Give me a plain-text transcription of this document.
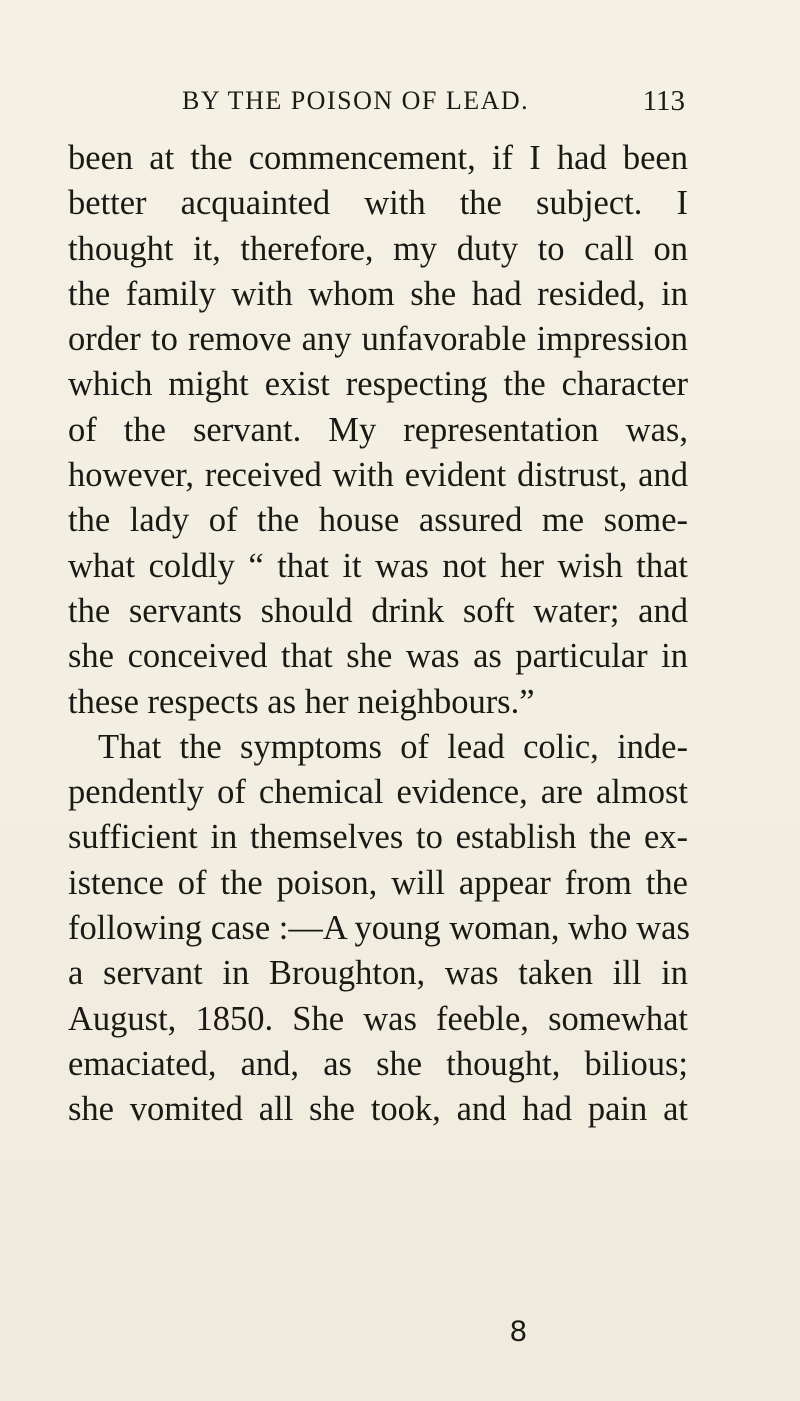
BY THE POISON OF LEAD.	113
been at the commencement, if I had been
better acquainted with the subject. I
thought it, therefore, my duty to call on
the family with whom she had resided, in
order to remove any unfavorable impression
which might exist respecting the character
of the servant. My representation was,
however, received with evident distrust, and
the lady of the house assured me some-
what coldly “ that it was not her wish that
the servants should drink soft water; and
she conceived that she was as particular in
these respects as her neighbours.”
That the symptoms of lead colic, inde-
pendently of chemical evidence, are almost
sufficient in themselves to establish the ex-
istence of the poison, will appear from the
following case :—A young woman, who was
a servant in Broughton, was taken ill in
August, 1850. She was feeble, somewhat
emaciated, and, as she thought, bilious;
she vomited all she took, and had pain at
8
